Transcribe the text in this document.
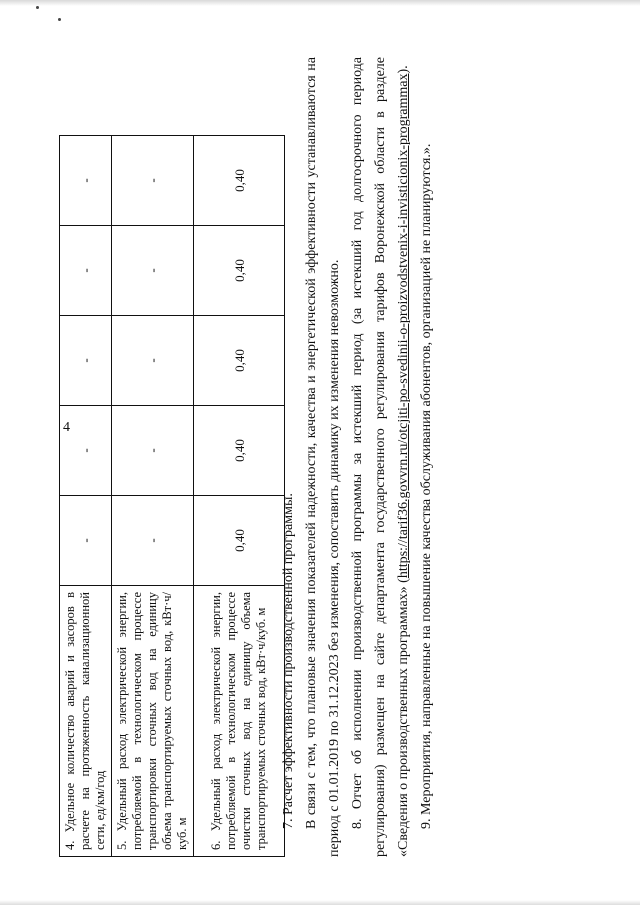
4
4. Удельное количество аварий и засоров в расчете на протяженность канализационной сети, ед/км/год	-	-	-	-	-
5. Удельный расход электрической энергии, потребляемой в технологическом процессе транспортировки сточных вод на единицу объема транспортируемых сточных вод, кВт·ч/куб. м	-	-	-	-	-
6. Удельный расход электрической энергии, потребляемой в технологическом процессе очистки сточных вод на единицу объема транспортируемых сточных вод, кВт·ч/куб. м	0,40	0,40	0,40	0,40	0,40

7. Расчет эффективности производственной программы. В связи с тем, что плановые значения показателей надежности, качества и энергетической эффективности устанавливаются на период с 01.01.2019 по 31.12.2023 без изменения, сопоставить динамику их изменения невозможно. 8. Отчет об исполнении производственной программы за истекший период (за истекший год долгосрочного периода регулирования) размещен на сайте департамента государственного регулирования тарифов Воронежской области в разделе «Сведения о производственных программах» (https://tarif36.govvrn.ru/otcjiti-po-svedinii-o-proizvodstvenix-i-invisticionix-programmax).

9. Мероприятия, направленные на повышение качества обслуживания абонентов, организацией не планируются.».
